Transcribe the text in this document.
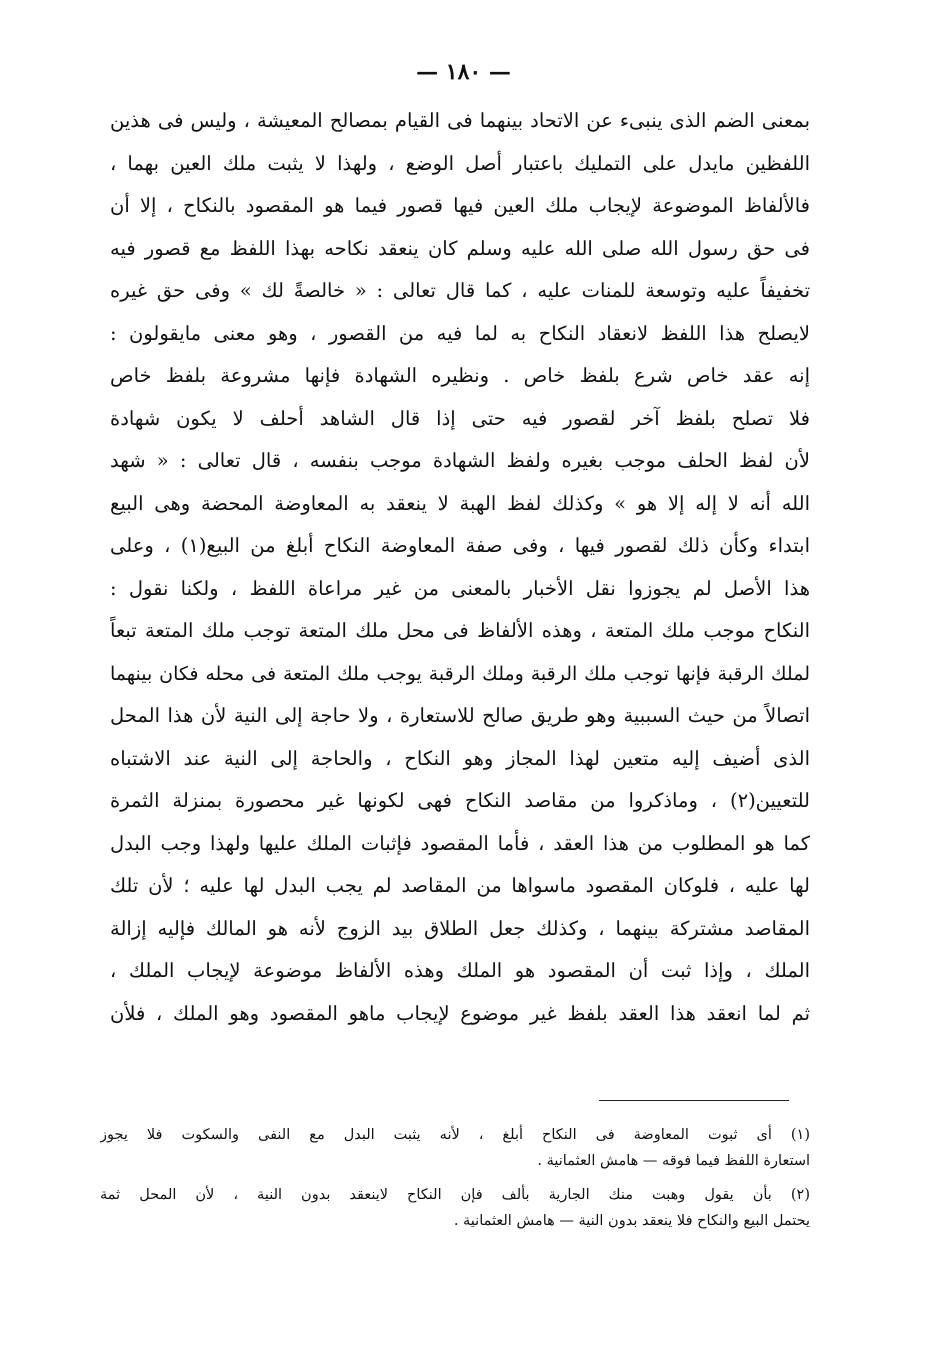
— ١٨٠ —
بمعنى الضم الذى ينبىء عن الاتحاد بينهما فى القيام بمصالح المعيشة ، وليس فى هذين
اللفظين مايدل على التمليك باعتبار أصل الوضع ، ولهذا لا يثبت ملك العين بهما ،
فالألفاظ الموضوعة لإيجاب ملك العين فيها قصور فيما هو المقصود بالنكاح ، إلا أن
فى حق رسول الله صلى الله عليه وسلم كان ينعقد نكاحه بهذا اللفظ مع قصور فيه
تخفيفاً عليه وتوسعة للمنات عليه ، كما قال تعالى : « خالصةً لك » وفى حق غيره
لايصلح هذا اللفظ لانعقاد النكاح به لما فيه من القصور ، وهو معنى مايقولون :
إنه عقد خاص شرع بلفظ خاص . ونظيره الشهادة فإنها مشروعة بلفظ خاص
فلا تصلح بلفظ آخر لقصور فيه حتى إذا قال الشاهد أحلف لا يكون شهادة
لأن لفظ الحلف موجب بغيره ولفظ الشهادة موجب بنفسه ، قال تعالى : « شهد
الله أنه لا إله إلا هو » وكذلك لفظ الهبة لا ينعقد به المعاوضة المحضة وهى البيع
ابتداء وكأن ذلك لقصور فيها ، وفى صفة المعاوضة النكاح أبلغ من البيع(١) ، وعلى
هذا الأصل لم يجوزوا نقل الأخبار بالمعنى من غير مراعاة اللفظ ، ولكنا نقول :
النكاح موجب ملك المتعة ، وهذه الألفاظ فى محل ملك المتعة توجب ملك المتعة تبعاً
لملك الرقبة فإنها توجب ملك الرقبة وملك الرقبة يوجب ملك المتعة فى محله فكان بينهما
اتصالاً من حيث السببية وهو طريق صالح للاستعارة ، ولا حاجة إلى النية لأن هذا المحل
الذى أضيف إليه متعين لهذا المجاز وهو النكاح ، والحاجة إلى النية عند الاشتباه
للتعيين(٢) ، وماذكروا من مقاصد النكاح فهى لكونها غير محصورة بمنزلة الثمرة
كما هو المطلوب من هذا العقد ، فأما المقصود فإثبات الملك عليها ولهذا وجب البدل
لها عليه ، فلوكان المقصود ماسواها من المقاصد لم يجب البدل لها عليه ؛ لأن تلك
المقاصد مشتركة بينهما ، وكذلك جعل الطلاق بيد الزوج لأنه هو المالك فإليه إزالة
الملك ، وإذا ثبت أن المقصود هو الملك وهذه الألفاظ موضوعة لإيجاب الملك ،
ثم لما انعقد هذا العقد بلفظ غير موضوع لإيجاب ماهو المقصود وهو الملك ، فلأن
(١) أى ثبوت المعاوضة فى النكاح أبلغ ، لأنه يثبت البدل مع النفى والسكوت فلا يجوز
استعارة اللفظ فيما فوقه — هامش العثمانية .
(٢) بأن يقول وهبت منك الجارية بألف فإن النكاح لاينعقد بدون النية ، لأن المحل ثمة
يحتمل البيع والنكاح فلا ينعقد بدون النية — هامش العثمانية .
